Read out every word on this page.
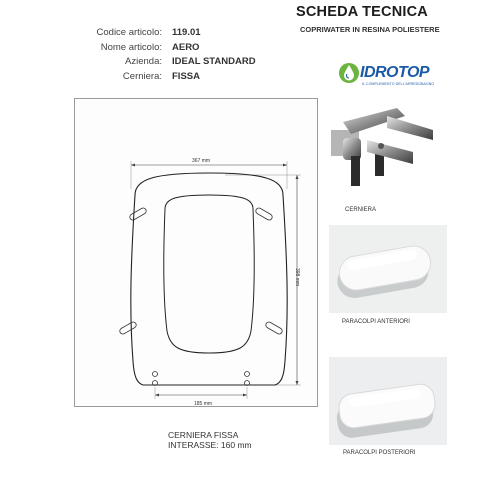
SCHEDA TECNICA
COPRIWATER IN RESINA POLIESTERE
Codice articolo:
Nome articolo:
Azienda:
Cerniera:
119.01
AERO
IDEAL STANDARD
FISSA	IDROTOP
IL COMPLEMENTO DELL'ARREDOBAGNO
367 mm
398 mm
185 mm
CERNIERA
PARACOLPI ANTERIORI
PARACOLPI POSTERIORI
CERNIERA FISSA
INTERASSE: 160 mm
